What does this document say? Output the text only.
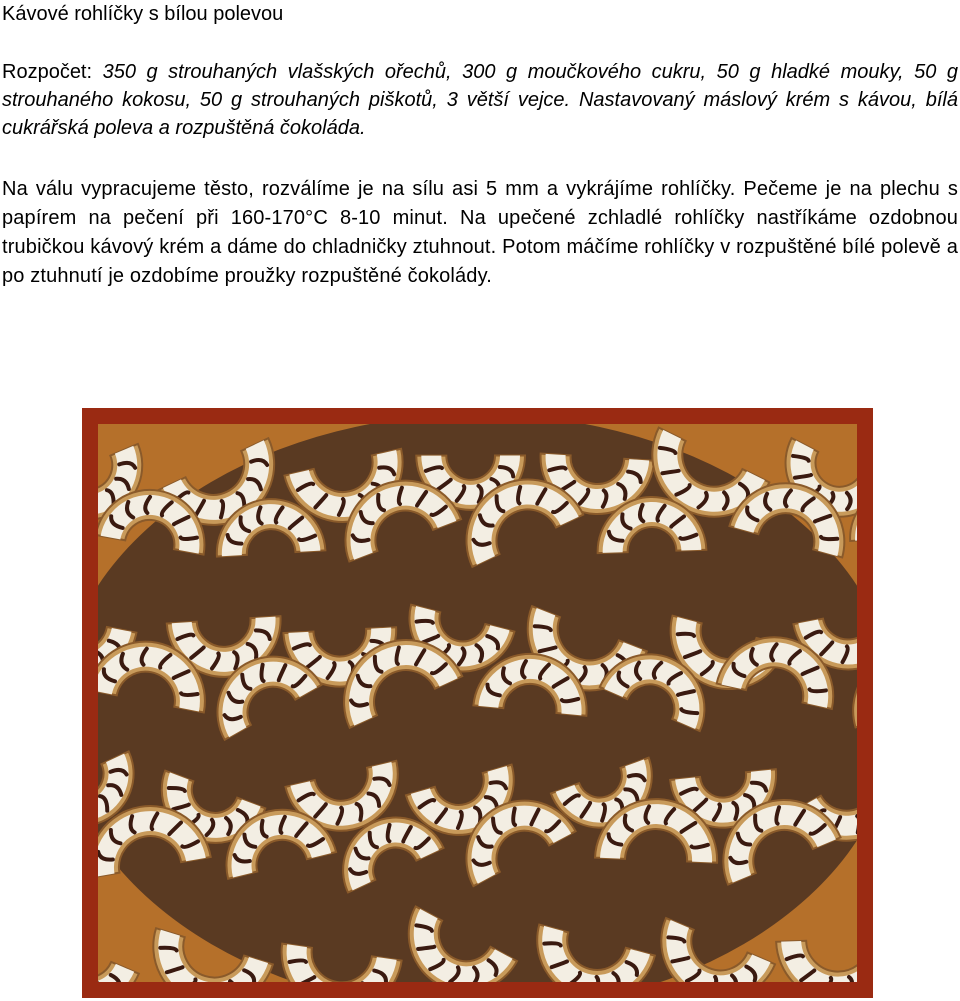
Kávové rohlíčky s bílou polevou

Rozpočet: 350 g strouhaných vlašských ořechů, 300 g moučkového cukru, 50 g hladké mouky, 50 g strouhaného kokosu, 50 g strouhaných piškotů, 3 větší vejce. Nastavovaný máslový krém s kávou, bílá cukrářská poleva a rozpuštěná čokoláda.

Na válu vypracujeme těsto, rozválíme je na sílu asi 5 mm a vykrájíme rohlíčky. Pečeme je na plechu s papírem na pečení při 160-170°C 8-10 minut. Na upečené zchladlé rohlíčky nastříkáme ozdobnou trubičkou kávový krém a dáme do chladničky ztuhnout. Potom máčíme rohlíčky v rozpuštěné bílé polevě a po ztuhnutí je ozdobíme proužky rozpuštěné čokolády.
